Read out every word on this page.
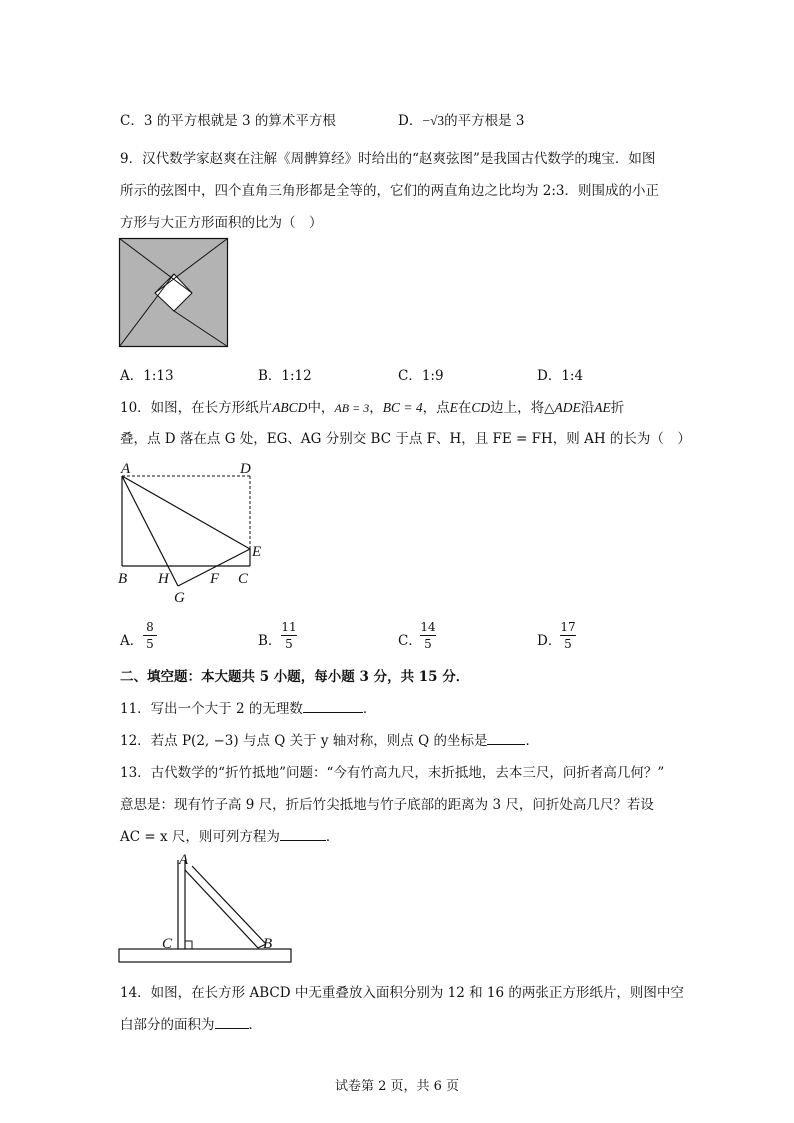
C．3 的平方根就是 3 的算术平方根	D．−√3的平方根是 3
9．汉代数学家赵爽在注解《周髀算经》时给出的“赵爽弦图”是我国古代数学的瑰宝．如图
所示的弦图中，四个直角三角形都是全等的，它们的两直角边之比均为 2:3．则围成的小正
方形与大正方形面积的比为（　）
A．1:13	B．1:12	C．1:9	D．1:4
10．如图，在长方形纸片ABCD中，AB = 3，BC = 4，点E在CD边上，将△ADE沿AE折
叠，点 D 落在点 G 处，EG、AG 分别交 BC 于点 F、H，且 FE = FH，则 AH 的长为（　）
A	D
E
B H	F C
G
A．
8
5	B．
11
5	C．
14
5	D．
17
5
二、填空题：本大题共 5 小题，每小题 3 分，共 15 分．
11．写出一个大于 2 的无理数	．
12．若点 P(2, −3) 与点 Q 关于 y 轴对称，则点 Q 的坐标是	．
13．古代数学的“折竹抵地”问题：“今有竹高九尺，末折抵地，去本三尺，问折者高几何？”
意思是：现有竹子高 9 尺，折后竹尖抵地与竹子底部的距离为 3 尺，问折处高几尺？若设
AC = x 尺，则可列方程为	．
A
C	B
14．如图，在长方形 ABCD 中无重叠放入面积分别为 12 和 16 的两张正方形纸片，则图中空
白部分的面积为	．
试卷第 2 页，共 6 页
